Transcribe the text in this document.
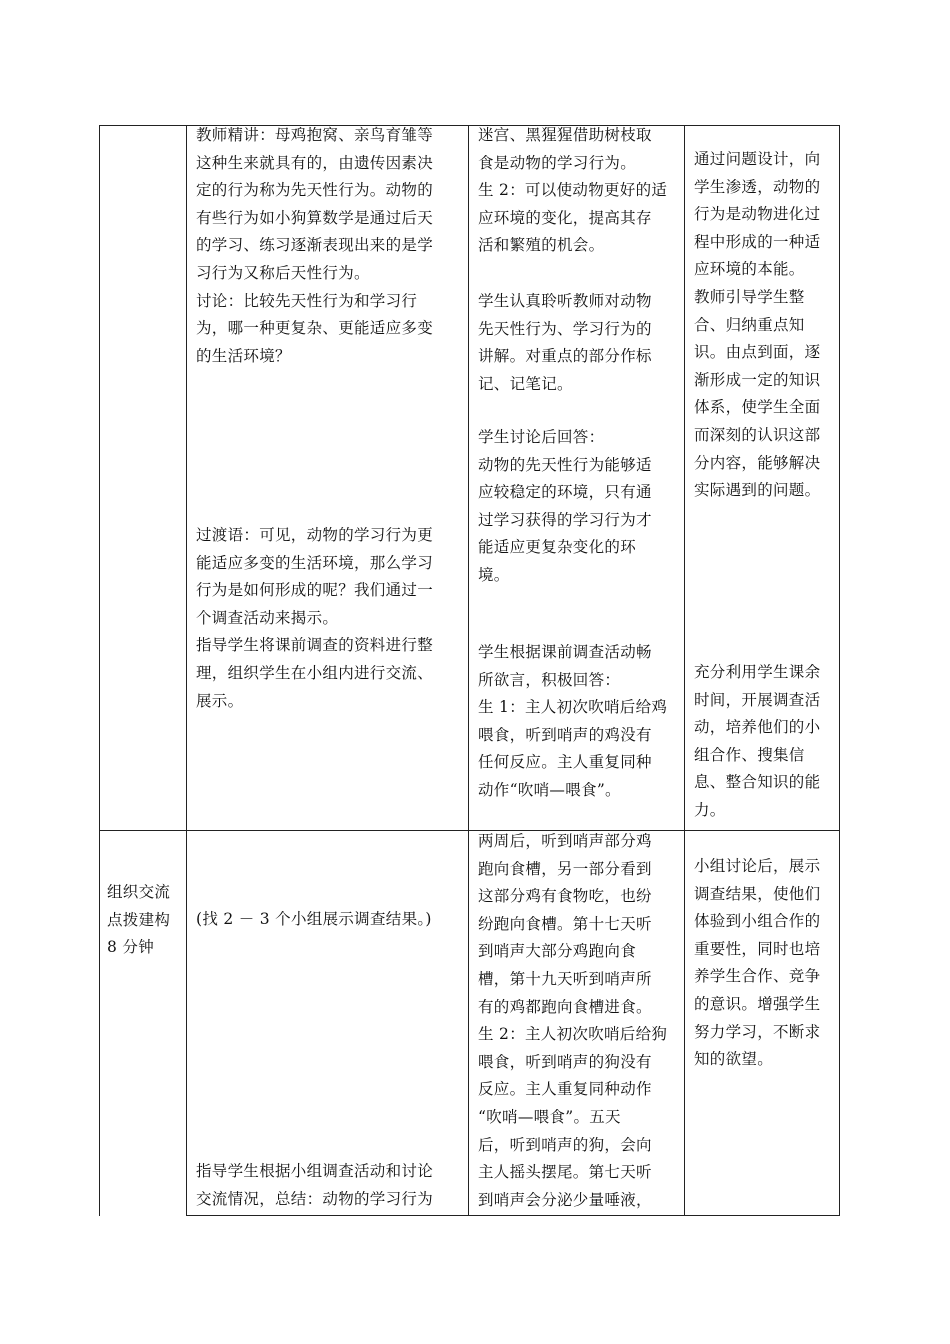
教师精讲：母鸡抱窝、亲鸟育雏等

这种生来就具有的，由遗传因素决

定的行为称为先天性行为。动物的

有些行为如小狗算数学是通过后天

的学习、练习逐渐表现出来的是学

习行为又称后天性行为。

讨论：比较先天性行为和学习行

为，哪一种更复杂、更能适应多变

的生活环境？

过渡语：可见，动物的学习行为更

能适应多变的生活环境，那么学习

行为是如何形成的呢？我们通过一

个调查活动来揭示。

指导学生将课前调查的资料进行整

理，组织学生在小组内进行交流、

展示。

迷宫、黑猩猩借助树枝取

食是动物的学习行为。

生 2：可以使动物更好的适

应环境的变化，提高其存

活和繁殖的机会。

学生认真聆听教师对动物

先天性行为、学习行为的

讲解。对重点的部分作标

记、记笔记。

学生讨论后回答：

动物的先天性行为能够适

应较稳定的环境，只有通

过学习获得的学习行为才

能适应更复杂变化的环

境。

学生根据课前调查活动畅

所欲言，积极回答：

生 1：主人初次吹哨后给鸡

喂食，听到哨声的鸡没有

任何反应。主人重复同种

动作“吹哨—喂食”。

通过问题设计，向

学生渗透，动物的

行为是动物进化过

程中形成的一种适

应环境的本能。

教师引导学生整

合、归纳重点知

识。由点到面，逐

渐形成一定的知识

体系，使学生全面

而深刻的认识这部

分内容，能够解决

实际遇到的问题。

充分利用学生课余

时间，开展调查活

动，培养他们的小

组合作、搜集信

息、整合知识的能

力。

组织交流

点拨建构

8 分钟

(找 2 － 3 个小组展示调查结果。)

指导学生根据小组调查活动和讨论

交流情况，总结：动物的学习行为

两周后，听到哨声部分鸡

跑向食槽，另一部分看到

这部分鸡有食物吃，也纷

纷跑向食槽。第十七天听

到哨声大部分鸡跑向食

槽，第十九天听到哨声所

有的鸡都跑向食槽进食。

生 2：主人初次吹哨后给狗

喂食，听到哨声的狗没有

反应。主人重复同种动作

“吹哨—喂食”。五天

后，听到哨声的狗，会向

主人摇头摆尾。第七天听

到哨声会分泌少量唾液，

小组讨论后，展示

调查结果，使他们

体验到小组合作的

重要性，同时也培

养学生合作、竞争

的意识。增强学生

努力学习，不断求

知的欲望。
